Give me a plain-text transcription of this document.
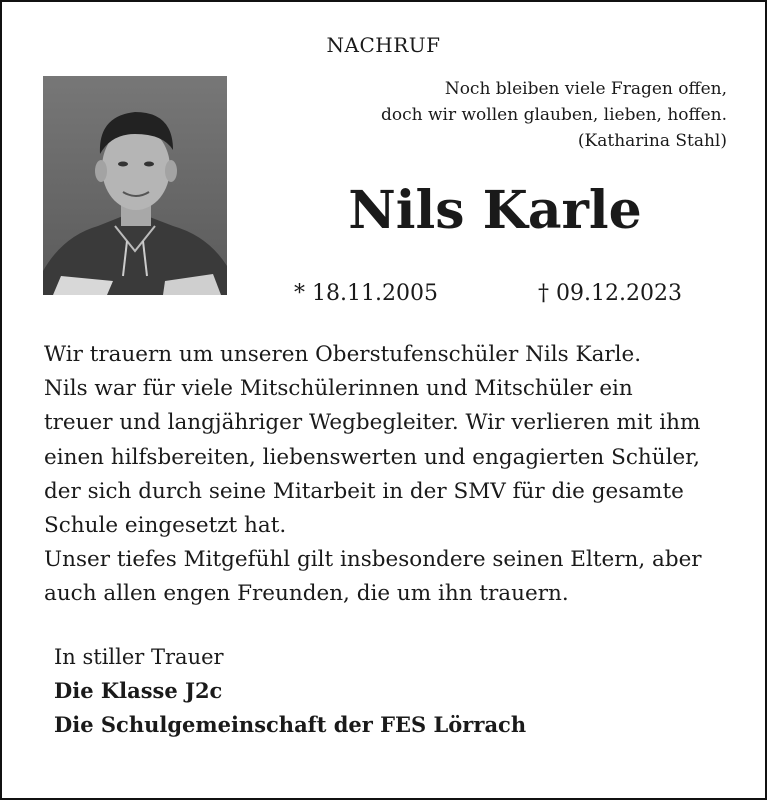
NACHRUF
Noch bleiben viele Fragen offen,
doch wir wollen glauben, lieben, hoffen.
(Katharina Stahl)
Nils Karle
* 18.11.2005	† 09.12.2023
Wir trauern um unseren Oberstufenschüler Nils Karle.
Nils war für viele Mitschülerinnen und Mitschüler ein
treuer und langjähriger Wegbegleiter. Wir verlieren mit ihm
einen hilfsbereiten, liebenswerten und engagierten Schüler,
der sich durch seine Mitarbeit in der SMV für die gesamte
Schule eingesetzt hat.
Unser tiefes Mitgefühl gilt insbesondere seinen Eltern, aber
auch allen engen Freunden, die um ihn trauern.
In stiller Trauer
Die Klasse J2c
Die Schulgemeinschaft der FES Lörrach
